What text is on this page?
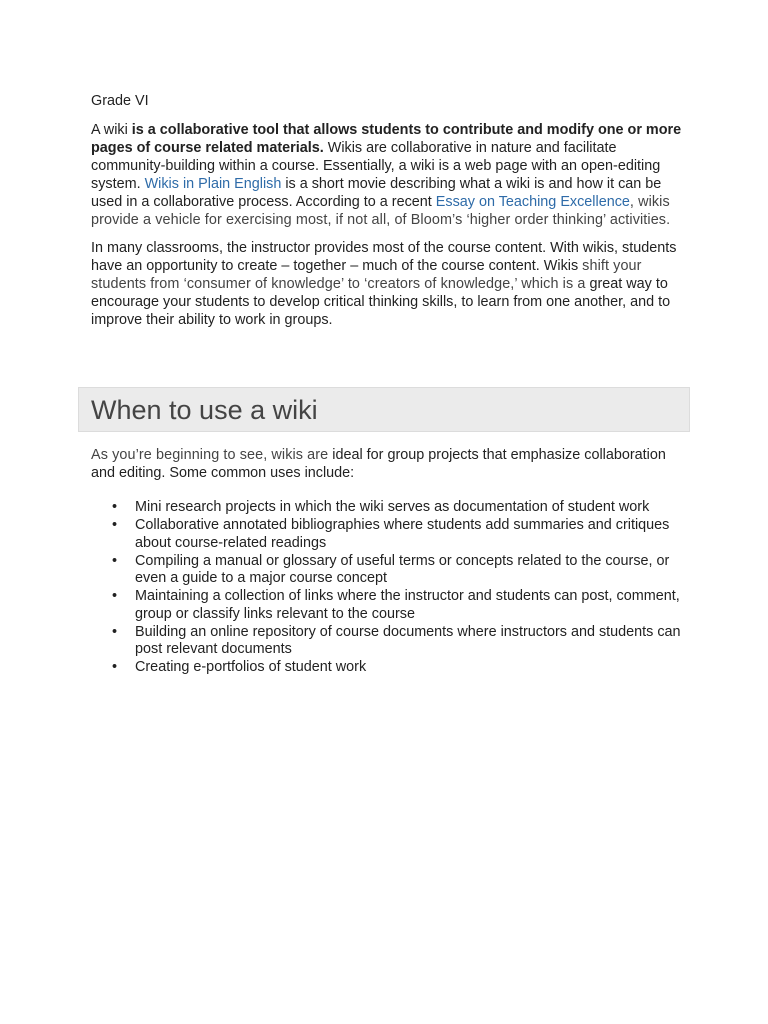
Grade VI

A wiki is a collaborative tool that allows students to contribute and modify one or more pages of course related materials. Wikis are collaborative in nature and facilitate community-building within a course. Essentially, a wiki is a web page with an open-editing system. Wikis in Plain English is a short movie describing what a wiki is and how it can be used in a collaborative process. According to a recent Essay on Teaching Excellence, wikis provide a vehicle for exercising most, if not all, of Bloom’s ‘higher order thinking’ activities.

In many classrooms, the instructor provides most of the course content. With wikis, students have an opportunity to create – together – much of the course content. Wikis shift your students from ‘consumer of knowledge’ to ‘creators of knowledge,’ which is a great way to encourage your students to develop critical thinking skills, to learn from one another, and to improve their ability to work in groups.

When to use a wiki

As you’re beginning to see, wikis are ideal for group projects that emphasize collaboration and editing. Some common uses include:

• Mini research projects in which the wiki serves as documentation of student work
• Collaborative annotated bibliographies where students add summaries and critiques about course-related readings
• Compiling a manual or glossary of useful terms or concepts related to the course, or even a guide to a major course concept
• Maintaining a collection of links where the instructor and students can post, comment, group or classify links relevant to the course
• Building an online repository of course documents where instructors and students can post relevant documents
• Creating e-portfolios of student work
